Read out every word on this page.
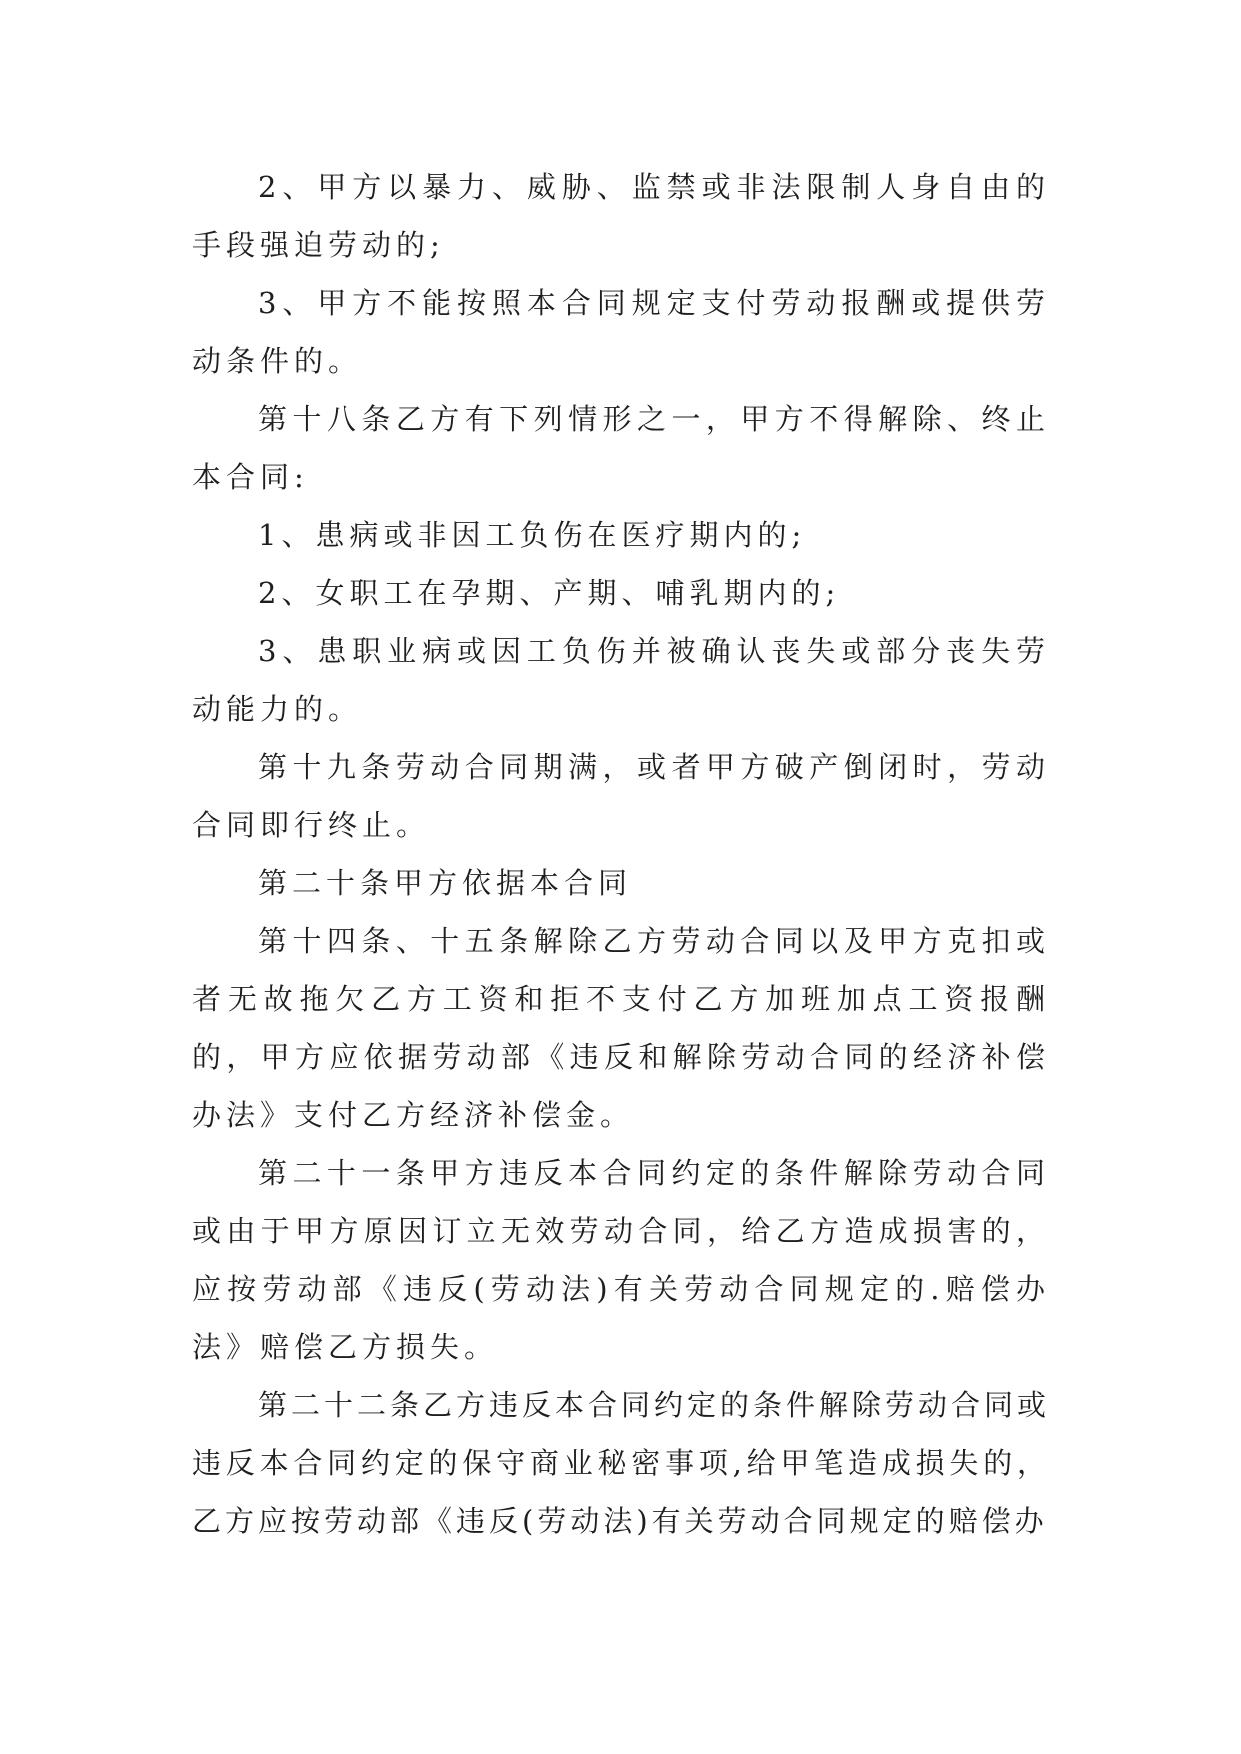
2、甲方以暴力、威胁、监禁或非法限制人身自由的手段强迫劳动的;

3、甲方不能按照本合同规定支付劳动报酬或提供劳动条件的。

第十八条乙方有下列情形之一，甲方不得解除、终止本合同:

1、患病或非因工负伤在医疗期内的;

2、女职工在孕期、产期、哺乳期内的;

3、患职业病或因工负伤并被确认丧失或部分丧失劳动能力的。

第十九条劳动合同期满，或者甲方破产倒闭时，劳动合同即行终止。

第二十条甲方依据本合同

第十四条、十五条解除乙方劳动合同以及甲方克扣或者无故拖欠乙方工资和拒不支付乙方加班加点工资报酬的，甲方应依据劳动部《违反和解除劳动合同的经济补偿办法》支付乙方经济补偿金。

第二十一条甲方违反本合同约定的条件解除劳动合同或由于甲方原因订立无效劳动合同，给乙方造成损害的，应按劳动部《违反(劳动法)有关劳动合同规定的.赔偿办法》赔偿乙方损失。

第二十二条乙方违反本合同约定的条件解除劳动合同或违反本合同约定的保守商业秘密事项,给甲笔造成损失的，乙方应按劳动部《违反(劳动法)有关劳动合同规定的赔偿办
